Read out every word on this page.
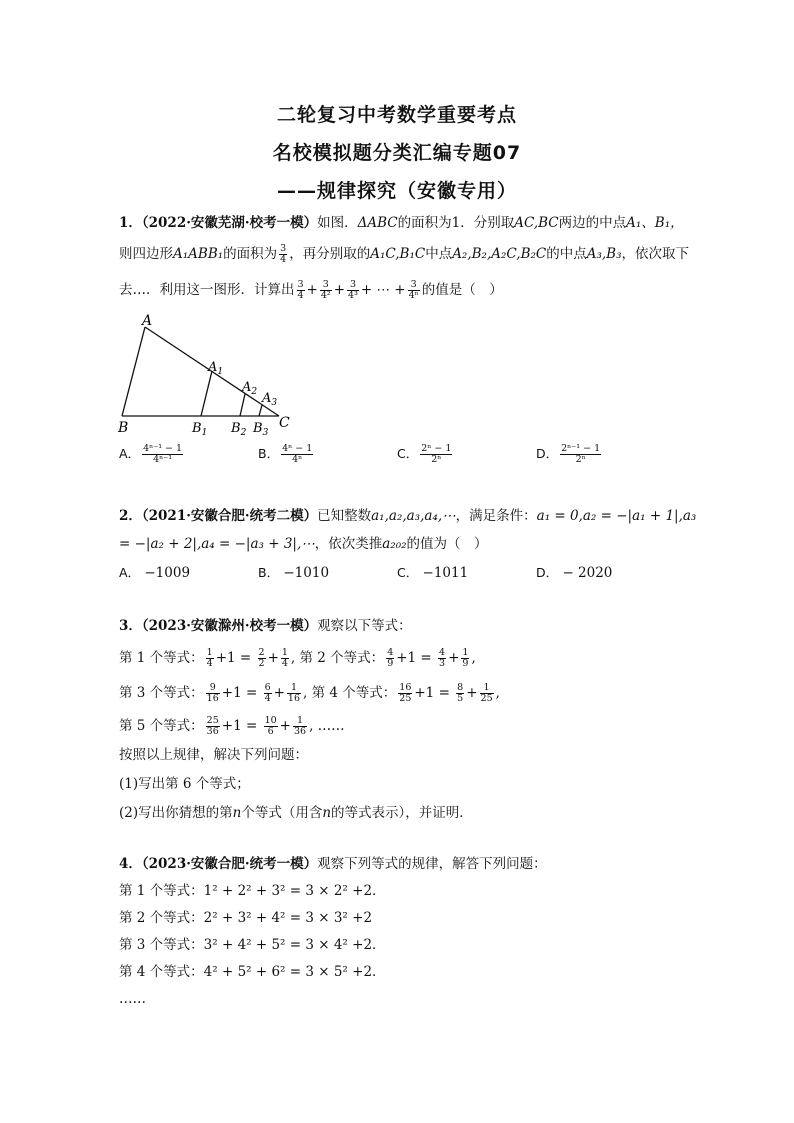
二轮复习中考数学重要考点
名校模拟题分类汇编专题07
——规律探究（安徽专用）
1．（2022·安徽芜湖·校考一模）如图．ΔABC的面积为1．分别取AC,BC两边的中点A₁、B₁，
则四边形A₁ABB₁的面积为 $\frac{3}{4}$ ，再分别取的A₁C,B₁C中点A₂,B₂,A₂C,B₂C的中点A₃,B₃，依次取下
去…．利用这一图形．计算出 $\frac{3}{4} + \frac{3}{\text{4²}} + \frac{3}{\text{4³}}$ + ⋯ + $\frac{3}{\text{4ⁿ}}$ 的值是（　）
A
$A_1$
$A_2$ $A_3$
B	$B_1$ $B_2$ $B_3$
C
A． $\frac{\text{4ⁿ⁻¹ − 1}}{\text{4ⁿ⁻¹}}$	B． $\frac{\text{4ⁿ − 1}}{\text{4ⁿ}}$	C． $\frac{\text{2ⁿ − 1}}{\text{2ⁿ}}$	D． $\frac{\text{2ⁿ⁻¹ − 1}}{\text{2ⁿ}}$
2．（2021·安徽合肥·统考二模）已知整数a₁,a₂,a₃,a₄,⋯，满足条件：a₁ = 0,a₂ = −|a₁ + 1|,a₃
= −|a₂ + 2|,a₄ = −|a₃ + 3|,⋯，依次类推a₂₀₂的值为（　）
A． −1009	B． −1010	C． −1011	D． − 2020
3．（2023·安徽滁州·校考一模）观察以下等式：
第 1 个等式： $\frac{1}{4} +1 = \frac{2}{2} + \frac{1}{4}$ , 第 2 个等式： $\frac{4}{9} +1 = \frac{4}{3} + \frac{1}{9}$ ,
第 3 个等式： $\frac{9}{16} +1 = \frac{6}{4} + \frac{1}{16}$ , 第 4 个等式： $\frac{16}{25} +1 = \frac{8}{5} + \frac{1}{25}$ ,
第 5 个等式： $\frac{25}{36} +1 = \frac{10}{6} + \frac{1}{36}$ , ……
按照以上规律，解决下列问题：
(1)写出第 6 个等式；
(2)写出你猜想的第n个等式（用含n的等式表示），并证明．
4．（2023·安徽合肥·统考一模）观察下列等式的规律，解答下列问题：
第 1 个等式：1² + 2² + 3² = 3 × 2² +2．
第 2 个等式：2² + 3² + 4² = 3 × 3² +2
第 3 个等式：3² + 4² + 5² = 3 × 4² +2．
第 4 个等式：4² + 5² + 6² = 3 × 5² +2．
……
